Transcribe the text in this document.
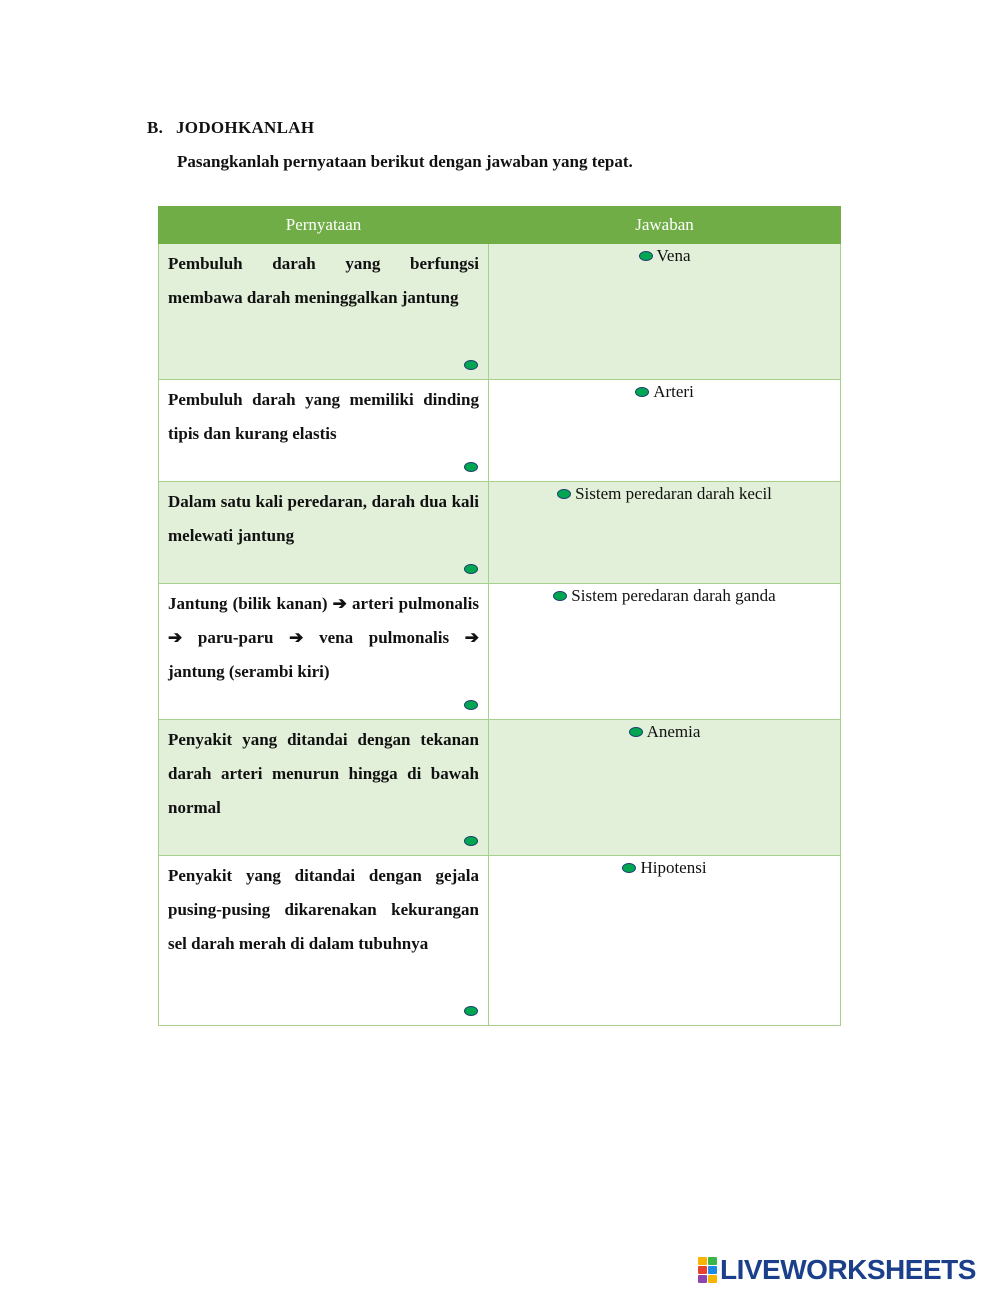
B. JODOHKANLAH
Pasangkanlah pernyataan berikut dengan jawaban yang tepat.
Pernyataan	Jawaban

Pembuluh darah yang berfungsi membawa darah meninggalkan jantung	Vena

Pembuluh darah yang memiliki dinding tipis dan kurang elastis	Arteri

Dalam satu kali peredaran, darah dua kali melewati jantung	Sistem peredaran darah kecil

Jantung (bilik kanan) ➔ arteri pulmonalis ➔ paru-paru ➔ vena pulmonalis ➔ jantung (serambi kiri)	Sistem peredaran darah ganda

Penyakit yang ditandai dengan tekanan darah arteri menurun hingga di bawah normal	Anemia

Penyakit yang ditandai dengan gejala pusing-pusing dikarenakan kekurangan sel darah merah di dalam tubuhnya	Hipotensi
LIVEWORKSHEETS
